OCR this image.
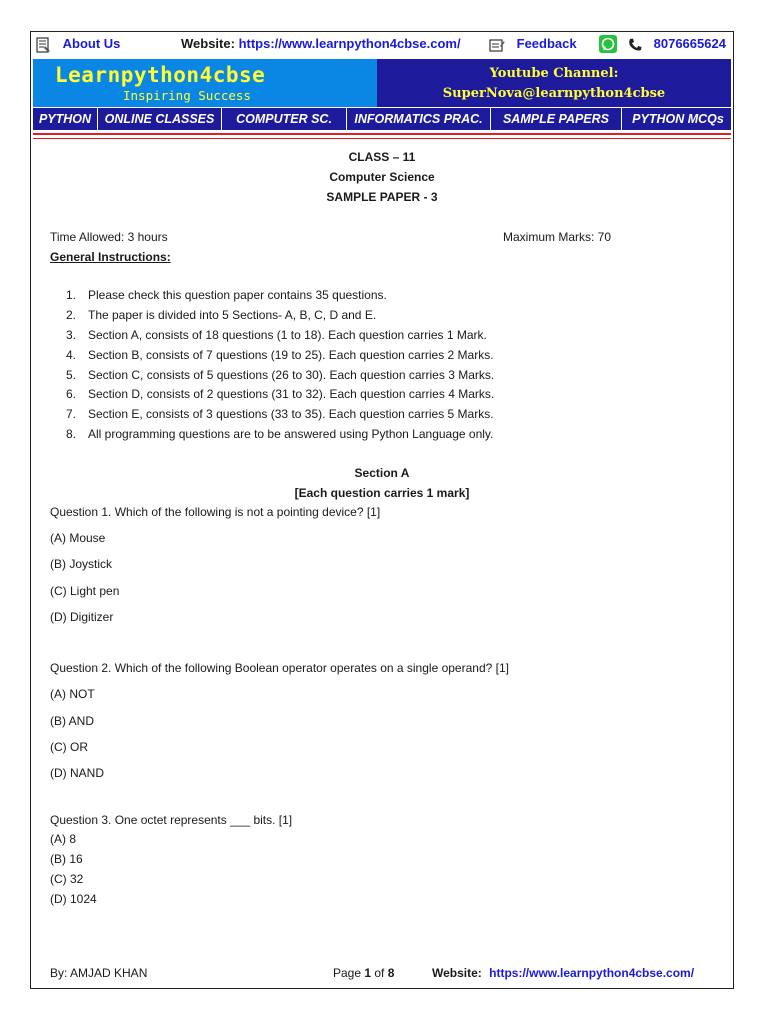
About Us	Website: https://www.learnpython4cbse.com/	Feedback	8076665624
Learnpython4cbse
Inspiring Success
Youtube Channel:
SuperNova@learnpython4cbse
PYTHON	ONLINE CLASSES	COMPUTER SC.	INFORMATICS PRAC.	SAMPLE PAPERS	PYTHON MCQs
CLASS – 11
Computer Science
SAMPLE PAPER - 3
Time Allowed: 3 hours	Maximum Marks: 70
General Instructions:
1. Please check this question paper contains 35 questions.
2. The paper is divided into 5 Sections- A, B, C, D and E.
3. Section A, consists of 18 questions (1 to 18). Each question carries 1 Mark.
4. Section B, consists of 7 questions (19 to 25). Each question carries 2 Marks.
5. Section C, consists of 5 questions (26 to 30). Each question carries 3 Marks.
6. Section D, consists of 2 questions (31 to 32). Each question carries 4 Marks.
7. Section E, consists of 3 questions (33 to 35). Each question carries 5 Marks.
8. All programming questions are to be answered using Python Language only.
Section A
[Each question carries 1 mark]
Question 1. Which of the following is not a pointing device? [1]
(A) Mouse
(B) Joystick
(C) Light pen
(D) Digitizer
Question 2. Which of the following Boolean operator operates on a single operand? [1]
(A) NOT
(B) AND
(C) OR
(D) NAND
Question 3. One octet represents ___ bits. [1]
(A) 8
(B) 16
(C) 32
(D) 1024
By: AMJAD KHAN	Page 1 of 8	Website: https://www.learnpython4cbse.com/
